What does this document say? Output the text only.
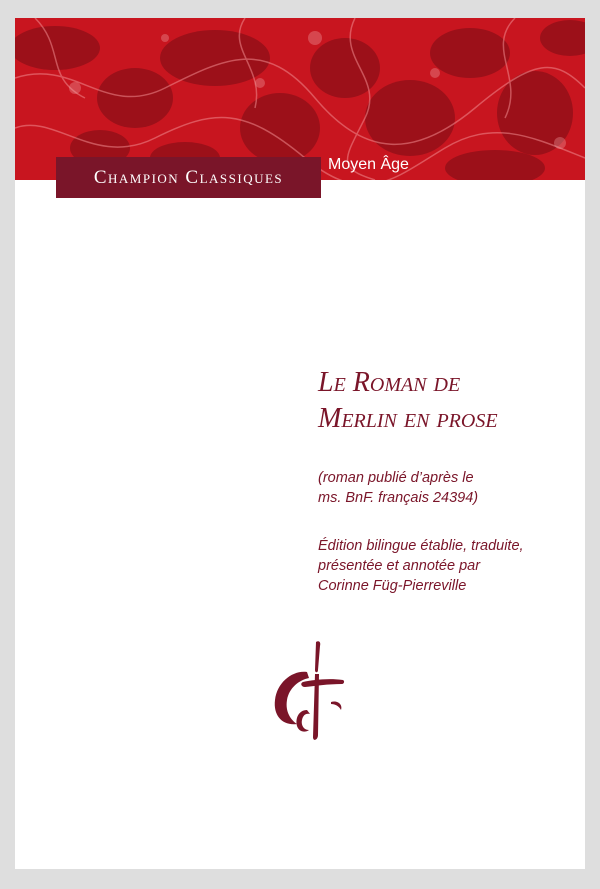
Champion Classiques
Moyen Âge
Le Roman de
Merlin en prose
(roman publié d’après le
ms. BnF. français 24394)
Édition bilingue établie, traduite,
présentée et annotée par
Corinne Füg-Pierreville
